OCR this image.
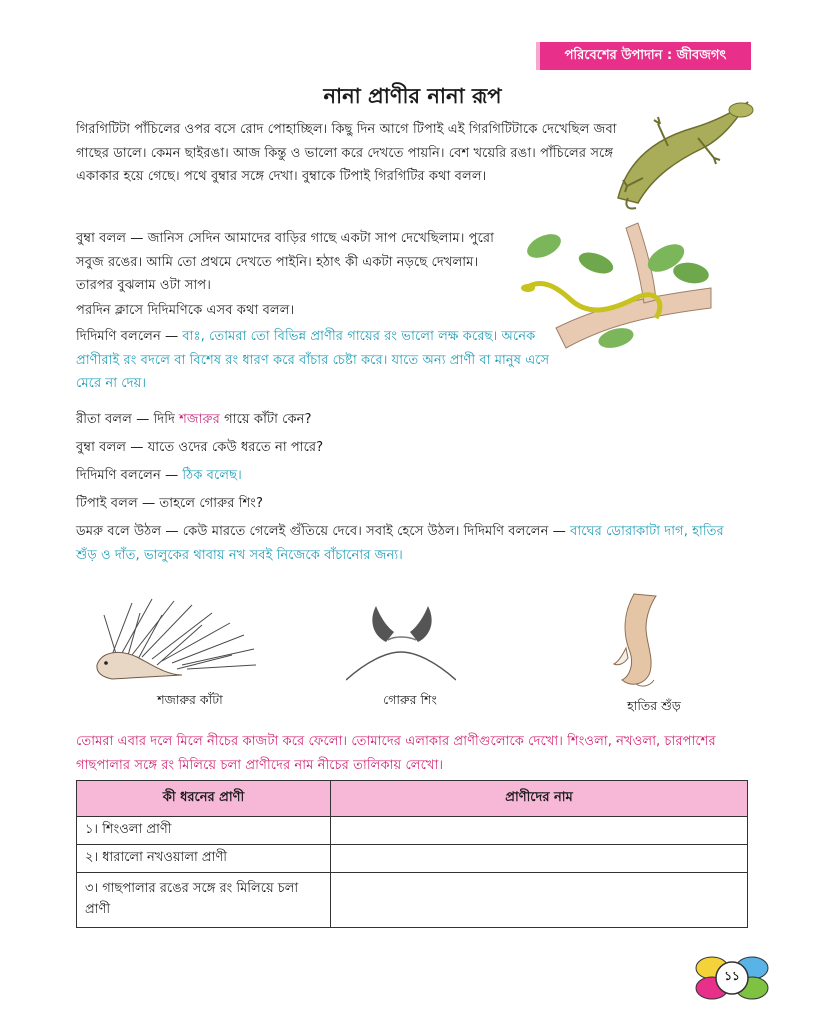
পরিবেশের উপাদান : জীবজগৎ
নানা প্রাণীর নানা রূপ

গিরগিটিটা পাঁচিলের ওপর বসে রোদ পোহাচ্ছিল। কিছু দিন আগে টিপাই এই গিরগিটিটাকে দেখেছিল জবা গাছের ডালে। কেমন ছাইরঙা। আজ কিন্তু ও ভালো করে দেখতে পায়নি। বেশ খয়েরি রঙা। পাঁচিলের সঙ্গে একাকার হয়ে গেছে। পথে বুম্বার সঙ্গে দেখা। বুম্বাকে টিপাই গিরগিটির কথা বলল।

বুম্বা বলল — জানিস সেদিন আমাদের বাড়ির গাছে একটা সাপ দেখেছিলাম। পুরো সবুজ রঙের। আমি তো প্রথমে দেখতে পাইনি। হঠাৎ কী একটা নড়ছে দেখলাম। তারপর বুঝলাম ওটা সাপ।

পরদিন ক্লাসে দিদিমণিকে এসব কথা বলল।

দিদিমণি বললেন — বাঃ, তোমরা তো বিভিন্ন প্রাণীর গায়ের রং ভালো লক্ষ করেছ। অনেক প্রাণীরাই রং বদলে বা বিশেষ রং ধারণ করে বাঁচার চেষ্টা করে। যাতে অন্য প্রাণী বা মানুষ এসে মেরে না দেয়।

রীতা বলল — দিদি শজারুর গায়ে কাঁটা কেন?

বুম্বা বলল — যাতে ওদের কেউ ধরতে না পারে?

দিদিমণি বললেন — ঠিক বলেছ।

টিপাই বলল — তাহলে গোরুর শিং?

ডমরু বলে উঠল — কেউ মারতে গেলেই গুঁতিয়ে দেবে। সবাই হেসে উঠল। দিদিমণি বললেন — বাঘের ডোরাকাটা দাগ, হাতির শুঁড় ও দাঁত, ভালুকের থাবায় নখ সবই নিজেকে বাঁচানোর জন্য।

শজারুর কাঁটা	গোরুর শিং	হাতির শুঁড়

তোমরা এবার দলে মিলে নীচের কাজটা করে ফেলো। তোমাদের এলাকার প্রাণীগুলোকে দেখো। শিংওলা, নখওলা, চারপাশের গাছপালার সঙ্গে রং মিলিয়ে চলা প্রাণীদের নাম নীচের তালিকায় লেখো।

কী ধরনের প্রাণী	প্রাণীদের নাম
১। শিংওলা প্রাণী	
২। ধারালো নখওয়ালা প্রাণী	
৩। গাছপালার রঙের সঙ্গে রং মিলিয়ে চলা প্রাণী	
১১
